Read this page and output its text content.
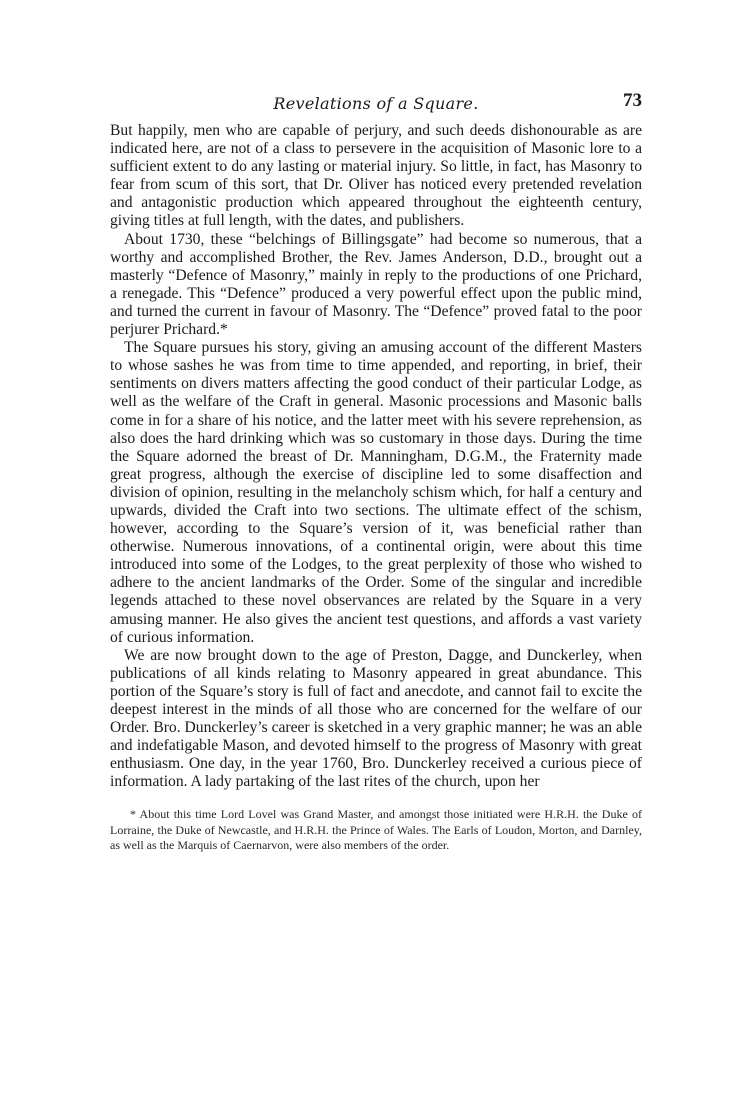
Revelations of a Square.	73

But happily, men who are capable of perjury, and such deeds dishonourable as are indicated here, are not of a class to persevere in the acquisition of Masonic lore to a sufficient extent to do any lasting or material injury. So little, in fact, has Masonry to fear from scum of this sort, that Dr. Oliver has noticed every pretended revelation and antagonistic production which appeared throughout the eighteenth century, giving titles at full length, with the dates, and publishers.

About 1730, these “belchings of Billingsgate” had become so numerous, that a worthy and accomplished Brother, the Rev. James Anderson, D.D., brought out a masterly “Defence of Masonry,” mainly in reply to the productions of one Prichard, a renegade. This “Defence” produced a very powerful effect upon the public mind, and turned the current in favour of Masonry. The “Defence” proved fatal to the poor perjurer Prichard.*

The Square pursues his story, giving an amusing account of the different Masters to whose sashes he was from time to time appended, and reporting, in brief, their sentiments on divers matters affecting the good conduct of their particular Lodge, as well as the welfare of the Craft in general. Masonic processions and Masonic balls come in for a share of his notice, and the latter meet with his severe reprehension, as also does the hard drinking which was so customary in those days. During the time the Square adorned the breast of Dr. Manningham, D.G.M., the Fraternity made great progress, although the exercise of discipline led to some disaffection and division of opinion, resulting in the melancholy schism which, for half a century and upwards, divided the Craft into two sections. The ultimate effect of the schism, however, according to the Square’s version of it, was beneficial rather than otherwise. Numerous innovations, of a continental origin, were about this time introduced into some of the Lodges, to the great perplexity of those who wished to adhere to the ancient landmarks of the Order. Some of the singular and incredible legends attached to these novel observances are related by the Square in a very amusing manner. He also gives the ancient test questions, and affords a vast variety of curious information.

We are now brought down to the age of Preston, Dagge, and Dunckerley, when publications of all kinds relating to Masonry appeared in great abundance. This portion of the Square’s story is full of fact and anecdote, and cannot fail to excite the deepest interest in the minds of all those who are concerned for the welfare of our Order. Bro. Dunckerley’s career is sketched in a very graphic manner; he was an able and indefatigable Mason, and devoted himself to the progress of Masonry with great enthusiasm. One day, in the year 1760, Bro. Dunckerley received a curious piece of information. A lady partaking of the last rites of the church, upon her

* About this time Lord Lovel was Grand Master, and amongst those initiated were H.R.H. the Duke of Lorraine, the Duke of Newcastle, and H.R.H. the Prince of Wales. The Earls of Loudon, Morton, and Darnley, as well as the Marquis of Caernarvon, were also members of the order.
